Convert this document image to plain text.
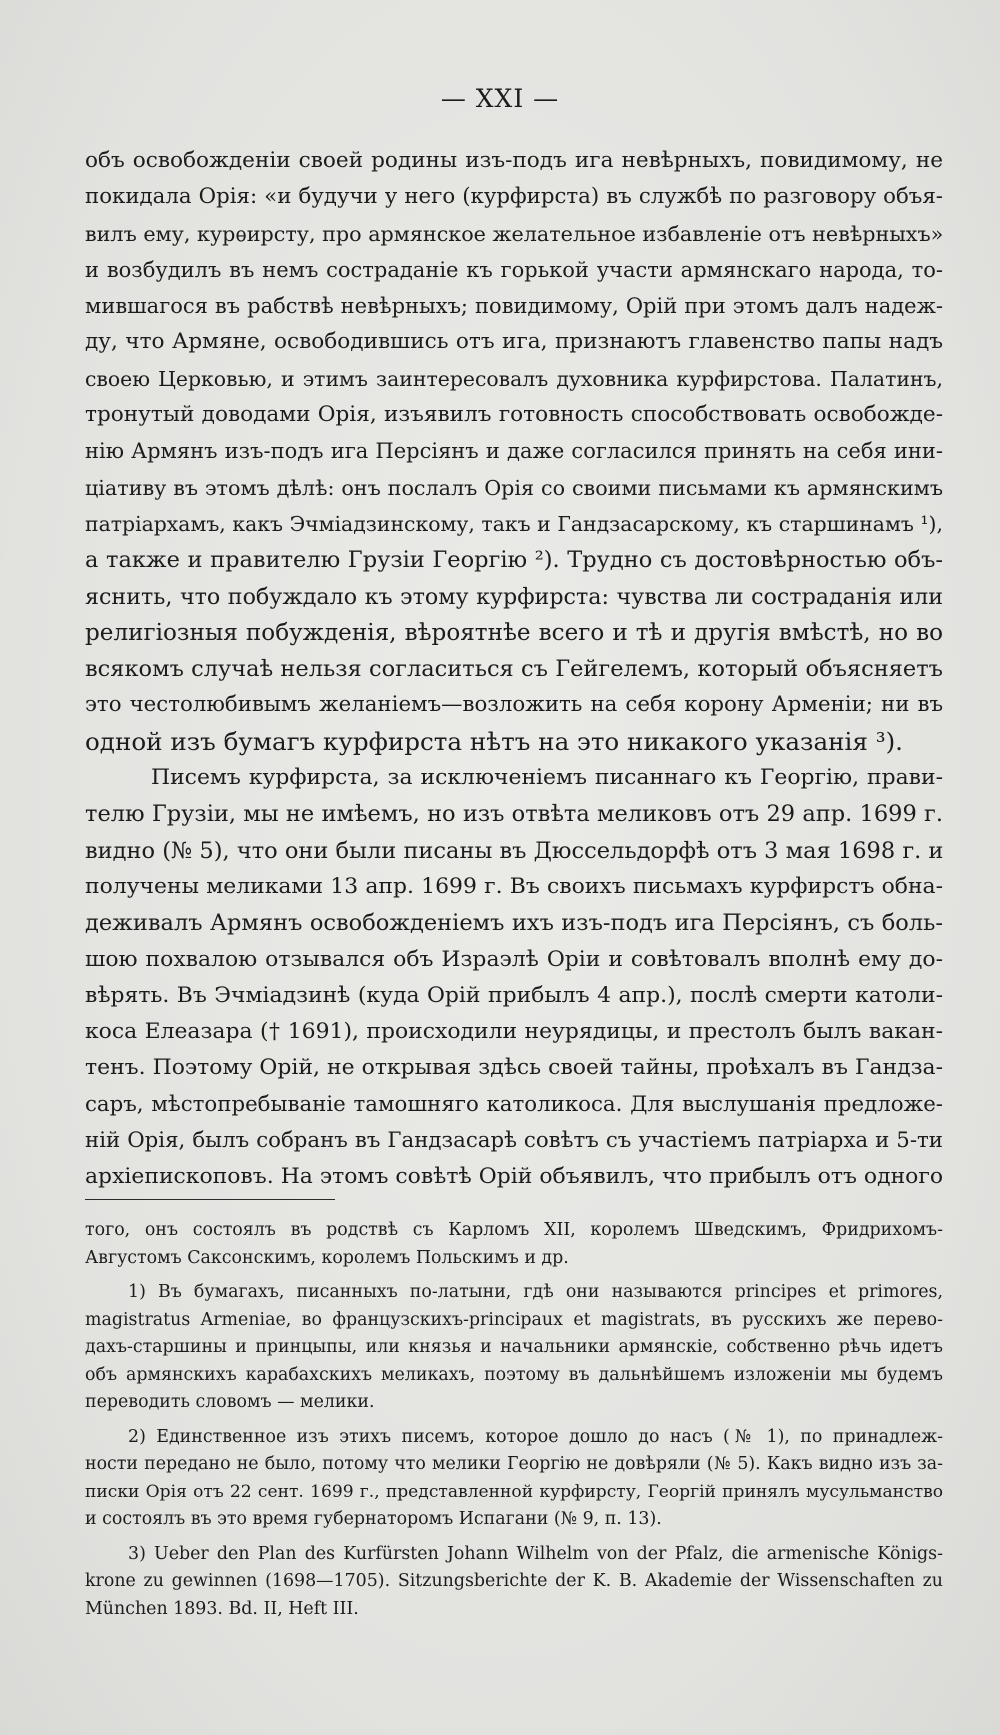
— XXI —

объ освобожденіи своей родины изъ-подъ ига невѣрныхъ, повидимому, не
покидала Орія: «и будучи у него (курфирста) въ службѣ по разговору объя-
вилъ ему, курѳирсту, про армянское желательное избавленіе отъ невѣрныхъ»
и возбудилъ въ немъ состраданіе къ горькой участи армянскаго народа, то-
мившагося въ рабствѣ невѣрныхъ; повидимому, Орій при этомъ далъ надеж-
ду, что Армяне, освободившись отъ ига, признаютъ главенство папы надъ
своею Церковью, и этимъ заинтересовалъ духовника курфирстова. Палатинъ,
тронутый доводами Орія, изъявилъ готовность способствовать освобожде-
нію Армянъ изъ-подъ ига Персіянъ и даже согласился принять на себя ини-
ціативу въ этомъ дѣлѣ: онъ послалъ Орія со своими письмами къ армянскимъ
патріархамъ, какъ Эчміадзинскому, такъ и Гандзасарскому, къ старшинамъ ¹),
а также и правителю Грузіи Георгію ²). Трудно съ достовѣрностью объ-
яснить, что побуждало къ этому курфирста: чувства ли состраданія или
религіозныя побужденія, вѣроятнѣе всего и тѣ и другія вмѣстѣ, но во
всякомъ случаѣ нельзя согласиться съ Гейгелемъ, который объясняетъ
это честолюбивымъ желаніемъ—возложить на себя корону Арменіи; ни въ
одной изъ бумагъ курфирста нѣтъ на это никакого указанія ³).

Писемъ курфирста, за исключеніемъ писаннаго къ Георгію, прави-
телю Грузіи, мы не имѣемъ, но изъ отвѣта меликовъ отъ 29 апр. 1699 г.
видно (№ 5), что они были писаны въ Дюссельдорфѣ отъ 3 мая 1698 г. и
получены меликами 13 апр. 1699 г. Въ своихъ письмахъ курфирстъ обна-
деживалъ Армянъ освобожденіемъ ихъ изъ-подъ ига Персіянъ, съ боль-
шою похвалою отзывался объ Израэлѣ Оріи и совѣтовалъ вполнѣ ему до-
вѣрять. Въ Эчміадзинѣ (куда Орій прибылъ 4 апр.), послѣ смерти католи-
коса Елеазара († 1691), происходили неурядицы, и престолъ былъ вакан-
тенъ. Поэтому Орій, не открывая здѣсь своей тайны, проѣхалъ въ Гандза-
саръ, мѣстопребываніе тамошняго католикоса. Для выслушанія предложе-
ній Орія, былъ собранъ въ Гандзасарѣ совѣтъ съ участіемъ патріарха и 5-ти
архіепископовъ. На этомъ совѣтѣ Орій объявилъ, что прибылъ отъ одного

того, онъ состоялъ въ родствѣ съ Карломъ XII, королемъ Шведскимъ, Фридрихомъ-
Августомъ Саксонскимъ, королемъ Польскимъ и др.
1) Въ бумагахъ, писанныхъ по-латыни, гдѣ они называются principes et primores,
magistratus Armeniae, во французскихъ-principaux et magistrats, въ русскихъ же перево-
дахъ-старшины и принцыпы, или князья и начальники армянскіе, собственно рѣчь идетъ
объ армянскихъ карабахскихъ меликахъ, поэтому въ дальнѣйшемъ изложеніи мы будемъ
переводить словомъ — мелики.
2) Единственное изъ этихъ писемъ, которое дошло до насъ (№ 1), по принадлеж-
ности передано не было, потому что мелики Георгію не довѣряли (№ 5). Какъ видно изъ за-
писки Орія отъ 22 сент. 1699 г., представленной курфирсту, Георгій принялъ мусульманство
и состоялъ въ это время губернаторомъ Испагани (№ 9, п. 13).
3) Ueber den Plan des Kurfürsten Johann Wilhelm von der Pfalz, die armenische Königs-
krone zu gewinnen (1698—1705). Sitzungsberichte der K. B. Akademie der Wissenschaften zu
München 1893. Bd. II, Heft III.
